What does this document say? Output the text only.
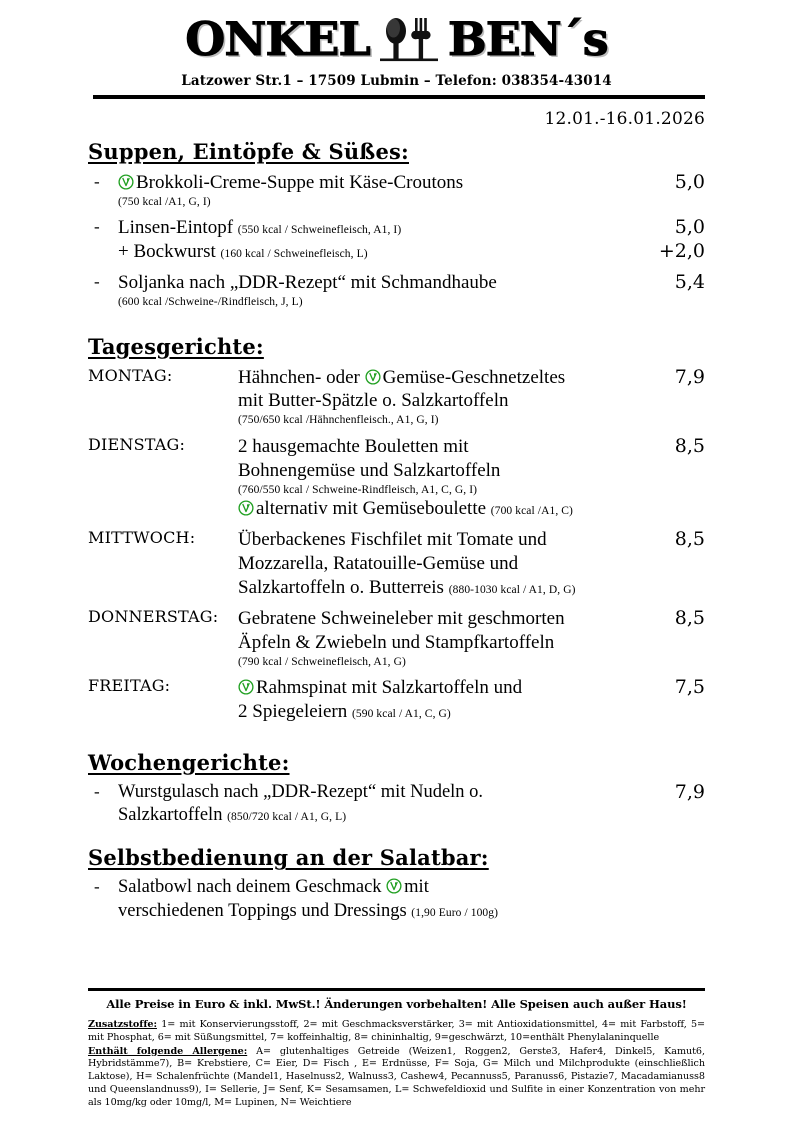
ONKEL BEN´s
Latzower Str.1 – 17509 Lubmin – Telefon: 038354-43014
12.01.-16.01.2026
Suppen, Eintöpfe & Süßes:
-	Brokkoli-Creme-Suppe mit Käse-Croutons
(750 kcal /A1, G, I)
5,0
- Linsen-Eintopf (550 kcal / Schweinefleisch, A1, I)
+ Bockwurst (160 kcal / Schweinefleisch, L)
5,0
+2,0
- Soljanka nach „DDR-Rezept“ mit Schmandhaube
(600 kcal /Schweine-/Rindfleisch, J, L)
5,4
Tagesgerichte:
MONTAG:	Hähnchen- oder
Gemüse-Geschnetzeltes
mit Butter-Spätzle o. Salzkartoffeln
(750/650 kcal /Hähnchenfleisch., A1, G, I)
7,9
DIENSTAG:	2 hausgemachte Bouletten mit
Bohnengemüse und Salzkartoffeln
(760/550 kcal / Schweine-Rindfleisch, A1, C, G, I)
alternativ mit Gemüseboulette (700 kcal /A1, C)
8,5
MITTWOCH:	Überbackenes Fischfilet mit Tomate und
Mozzarella, Ratatouille-Gemüse und
Salzkartoffeln o. Butterreis (880-1030 kcal / A1, D, G)
8,5
DONNERSTAG:	Gebratene Schweineleber mit geschmorten
Äpfeln & Zwiebeln und Stampfkartoffeln
(790 kcal / Schweinefleisch, A1, G)
8,5
FREITAG:	Rahmspinat mit Salzkartoffeln und
2 Spiegeleiern (590 kcal / A1, C, G)
7,5
Wochengerichte:
- Wurstgulasch nach „DDR-Rezept“ mit Nudeln o.
Salzkartoffeln (850/720 kcal / A1, G, L)
7,9
Selbstbedienung an der Salatbar:
- Salatbowl nach deinem Geschmack
mit
verschiedenen Toppings und Dressings (1,90 Euro / 100g)
Alle Preise in Euro & inkl. MwSt.! Änderungen vorbehalten! Alle Speisen auch außer Haus!

Zusatzstoffe: 1= mit Konservierungsstoff, 2= mit Geschmacksverstärker, 3= mit Antioxidationsmittel, 4= mit Farbstoff, 5= mit Phosphat, 6= mit Süßungsmittel, 7= koffeinhaltig, 8= chininhaltig, 9=geschwärzt, 10=enthält Phenylalaninquelle

Enthält folgende Allergene: A= glutenhaltiges Getreide (Weizen1, Roggen2, Gerste3, Hafer4, Dinkel5, Kamut6, Hybridstämme7), B= Krebstiere, C= Eier, D= Fisch , E= Erdnüsse, F= Soja, G= Milch und Milchprodukte (einschließlich Laktose), H= Schalenfrüchte (Mandel1, Haselnuss2, Walnuss3, Cashew4, Pecannuss5, Paranuss6, Pistazie7, Macadamianuss8 und Queenslandnuss9), I= Sellerie, J= Senf, K= Sesamsamen, L= Schwefeldioxid und Sulfite in einer Konzentration von mehr als 10mg/kg oder 10mg/l, M= Lupinen, N= Weichtiere
